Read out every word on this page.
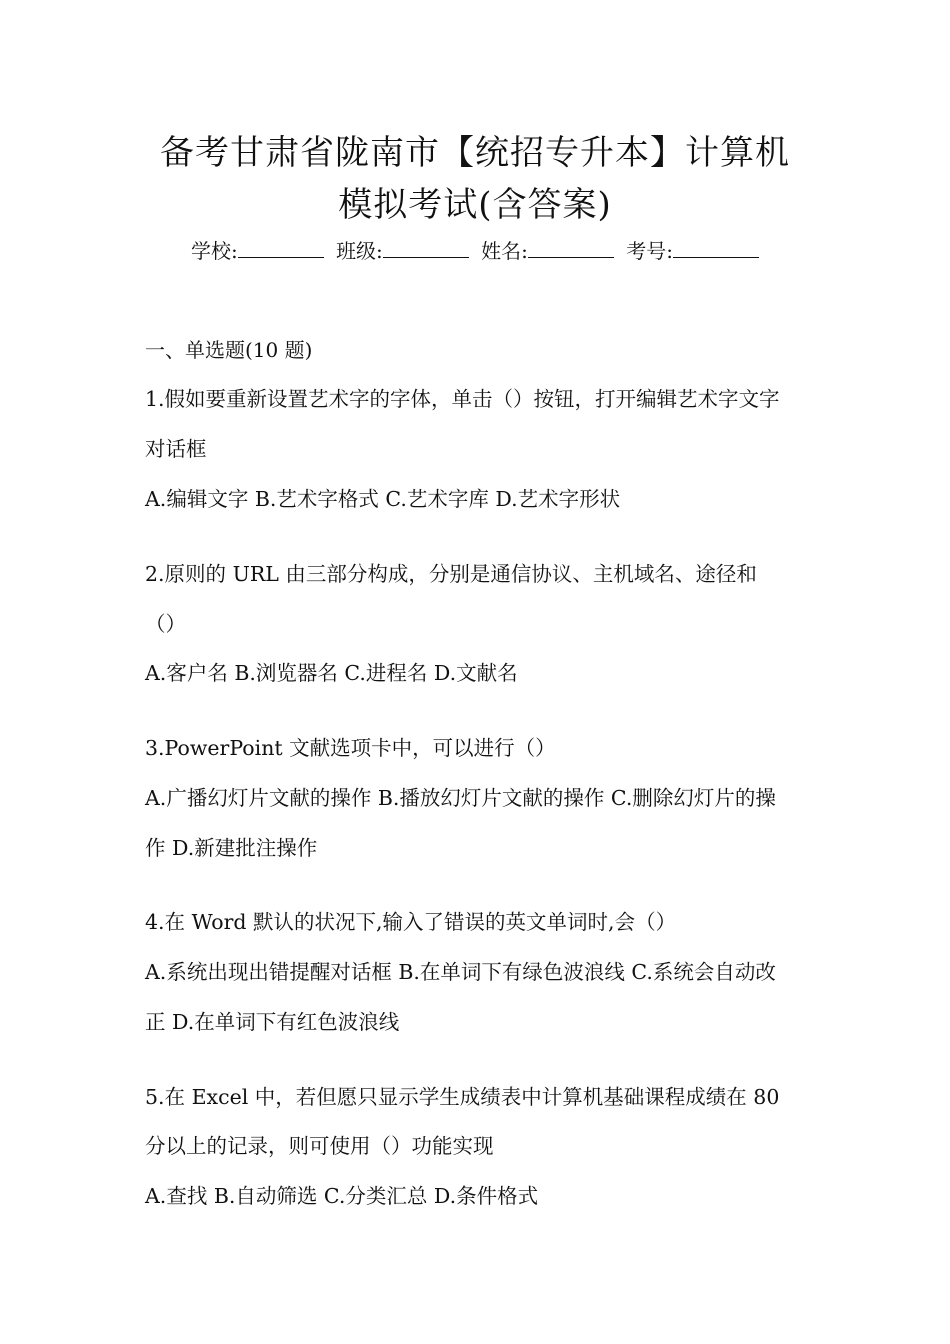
备考甘肃省陇南市【统招专升本】计算机
模拟考试(含答案)
学校:	班级:	姓名:	考号:
一、单选题(10 题)
1.假如要重新设置艺术字的字体，单击（）按钮，打开编辑艺术字文字
对话框
A.编辑文字 B.艺术字格式 C.艺术字库 D.艺术字形状
2.原则的 URL 由三部分构成，分别是通信协议、主机域名、途径和
（）
A.客户名 B.浏览器名 C.进程名 D.文献名
3.PowerPoint 文献选项卡中，可以进行（）
A.广播幻灯片文献的操作 B.播放幻灯片文献的操作 C.删除幻灯片的操
作 D.新建批注操作
4.在 Word 默认的状况下,输入了错误的英文单词时,会（）
A.系统出现出错提醒对话框 B.在单词下有绿色波浪线 C.系统会自动改
正 D.在单词下有红色波浪线
5.在 Excel 中，若但愿只显示学生成绩表中计算机基础课程成绩在 80
分以上的记录，则可使用（）功能实现
A.查找 B.自动筛选 C.分类汇总 D.条件格式
